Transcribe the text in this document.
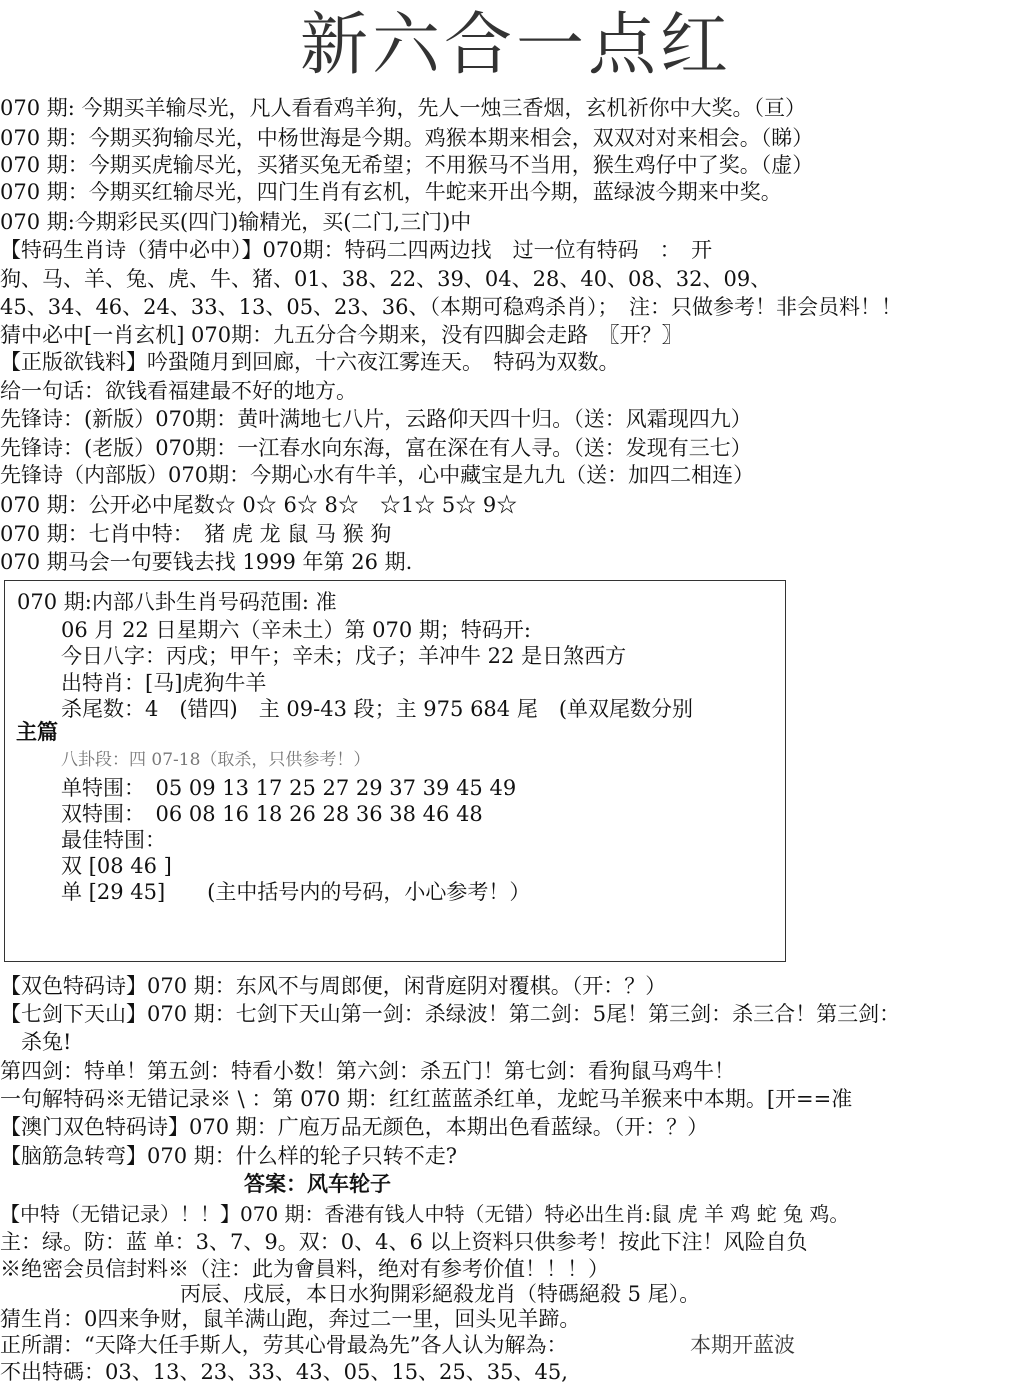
新六合一点红
070 期: 今期买羊输尽光，凡人看看鸡羊狗，先人一烛三香烟，玄机祈你中大奖。（亘）
070 期：今期买狗输尽光，中杨世海是今期。鸡猴本期来相会，双双对对来相会。（睇）
070 期：今期买虎输尽光，买猪买兔无希望；不用猴马不当用，猴生鸡仔中了奖。（虚）
070 期：今期买红输尽光，四门生肖有玄机，牛蛇来开出今期，蓝绿波今期来中奖。
070 期:今期彩民买(四门)输精光，买(二门,三门)中
【特码生肖诗（猜中必中）】070期：特码二四两边找　过一位有特码　：　开
狗、马、羊、兔、虎、牛、猪、01、38、22、39、04、28、40、08、32、09、
45、34、46、24、33、13、05、23、36、（本期可稳鸡杀肖）；　注：只做参考！非会员料！！
猜中必中[一肖玄机] 070期：九五分合今期来，没有四脚会走路　〖开？〗
【正版欲钱料】吟蛩随月到回廊，十六夜江雾连天。　特码为双数。
给一句话：欲钱看福建最不好的地方。
先锋诗：(新版）070期：黄叶满地七八片，云路仰天四十归。（送：风霜现四九）
先锋诗：(老版）070期：一江春水向东海，富在深在有人寻。（送：发现有三七）
先锋诗（内部版）070期：今期心水有牛羊，心中藏宝是九九（送：加四二相连）
070 期：公开必中尾数☆ 0☆ 6☆ 8☆　☆1☆ 5☆ 9☆
070 期：七肖中特：　猪 虎 龙 鼠 马 猴 狗
070 期马会一句要钱去找 1999 年第 26 期.
070 期:内部八卦生肖号码范围: 准
06 月 22 日星期六（辛未土）第 070 期；特码开:
今日八字：丙戌；甲午；辛未；戊子；羊冲牛 22 是日煞西方
出特肖：[马]虎狗牛羊
杀尾数：4　(错四)　主 09-43 段；主 975 684 尾　(单双尾数分别
八卦段：四 07-18（取杀，只供参考！）
单特围：　05 09 13 17 25 27 29 37 39 45 49
双特围：　06 08 16 18 26 28 36 38 46 48
最佳特围：
双 [08 46 ]
单 [29 45]　　(主中括号内的号码，小心参考！）
主篇
【双色特码诗】070 期：东风不与周郎便，闲背庭阴对覆棋。（开：？）
【七剑下天山】070 期：七剑下天山第一剑：杀绿波！第二剑：5尾！第三剑：杀三合！第三剑：
　杀兔!
第四剑：特单！第五剑：特看小数！第六剑：杀五门！第七剑：看狗鼠马鸡牛！
一句解特码※无错记录※ \ ：第 070 期：红红蓝蓝杀红单，龙蛇马羊猴来中本期。[开==准
【澳门双色特码诗】070 期：广庖万品无颜色，本期出色看蓝绿。（开：？）
【脑筋急转弯】070 期：什么样的轮子只转不走?
答案：风车轮子
【中特（无错记录）！！】070 期：香港有钱人中特（无错）特必出生肖:鼠 虎 羊 鸡 蛇 兔 鸡。
主：绿。防：蓝 单：3、7、9。双：0、4、6 以上资料只供参考！按此下注！风险自负
※绝密会员信封料※（注：此为會員料，绝对有参考价值！！！）
丙辰、戌辰，本日水狗開彩絕殺龙肖（特碼絕殺 5 尾）。
猜生肖：0四来争财，鼠羊满山跑，奔过二一里，回头见羊蹄。
正所謂：“天降大任手斯人，劳其心骨最為先”各人认为解為：	本期开蓝波
不出特碼：03、13、23、33、43、05、15、25、35、45,
